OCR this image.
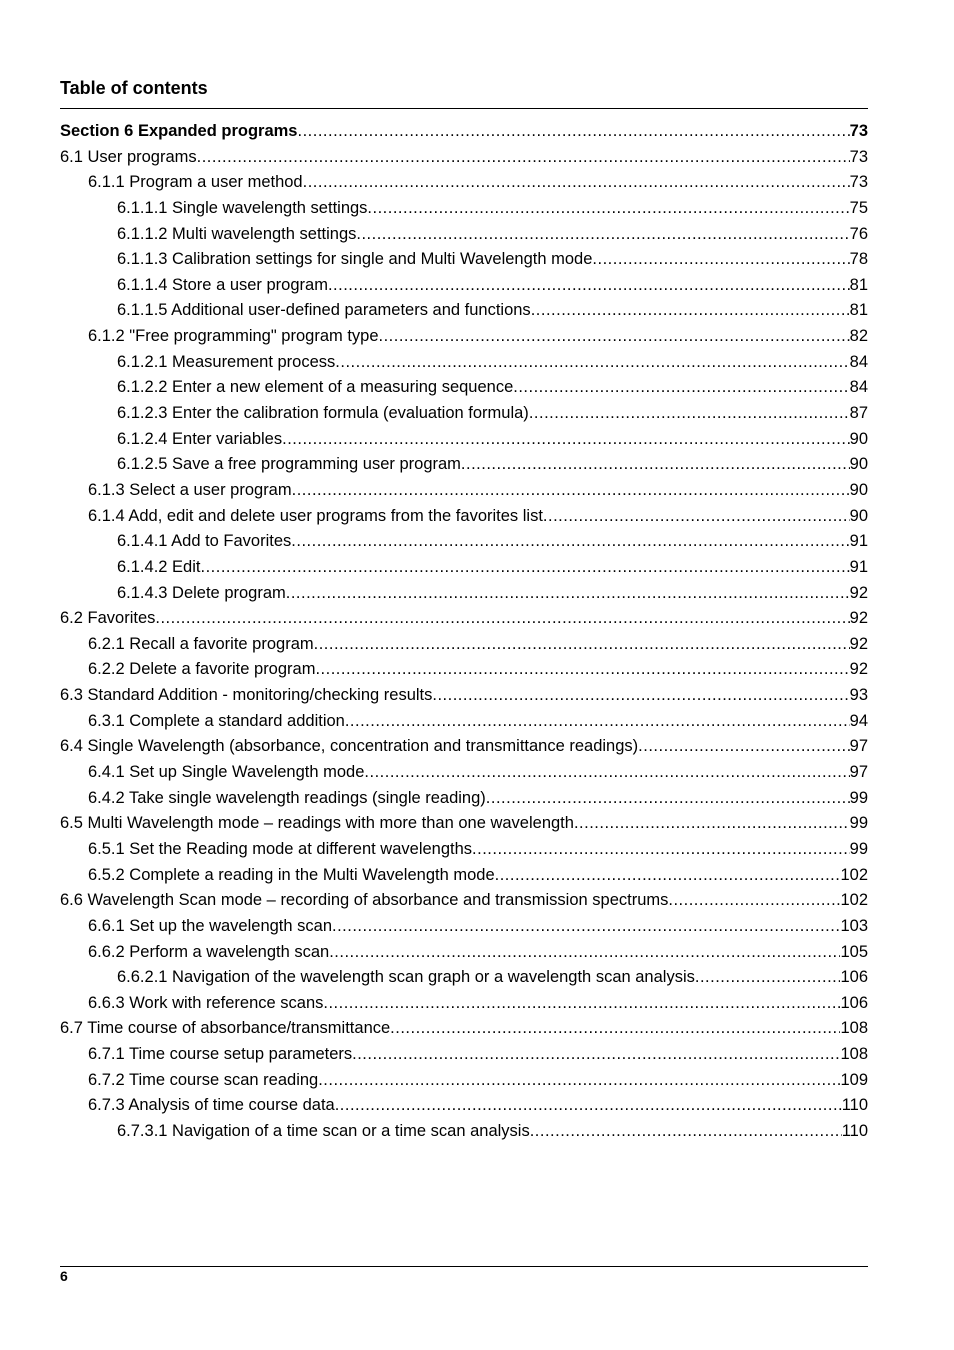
Table of contents
Section 6 Expanded programs .....	73
6.1 User programs .....	73
6.1.1 Program a user method .....	73
6.1.1.1 Single wavelength settings .....	75
6.1.1.2 Multi wavelength settings .....	76
6.1.1.3 Calibration settings for single and Multi Wavelength mode .....	78
6.1.1.4 Store a user program .....	81
6.1.1.5 Additional user-defined parameters and functions .....	81
6.1.2 "Free programming" program type .....	82
6.1.2.1 Measurement process .....	84
6.1.2.2 Enter a new element of a measuring sequence .....	84
6.1.2.3 Enter the calibration formula (evaluation formula) .....	87
6.1.2.4 Enter variables .....	90
6.1.2.5 Save a free programming user program .....	90
6.1.3 Select a user program .....	90
6.1.4 Add, edit and delete user programs from the favorites list .....	90
6.1.4.1 Add to Favorites .....	91
6.1.4.2 Edit .....	91
6.1.4.3 Delete program .....	92
6.2 Favorites .....	92
6.2.1 Recall a favorite program .....	92
6.2.2 Delete a favorite program .....	92
6.3 Standard Addition - monitoring/checking results .....	93
6.3.1 Complete a standard addition .....	94
6.4 Single Wavelength (absorbance, concentration and transmittance readings) .....	97
6.4.1 Set up Single Wavelength mode .....	97
6.4.2 Take single wavelength readings (single reading) .....	99
6.5 Multi Wavelength mode – readings with more than one wavelength .....	99
6.5.1 Set the Reading mode at different wavelengths .....	99
6.5.2 Complete a reading in the Multi Wavelength mode .....	102
6.6 Wavelength Scan mode – recording of absorbance and transmission spectrums .....	102
6.6.1 Set up the wavelength scan .....	103
6.6.2 Perform a wavelength scan .....	105
6.6.2.1 Navigation of the wavelength scan graph or a wavelength scan analysis .....	106
6.6.3 Work with reference scans .....	106
6.7 Time course of absorbance/transmittance .....	108
6.7.1 Time course setup parameters .....	108
6.7.2 Time course scan reading .....	109
6.7.3 Analysis of time course data .....	110
6.7.3.1 Navigation of a time scan or a time scan analysis .....	110
6
